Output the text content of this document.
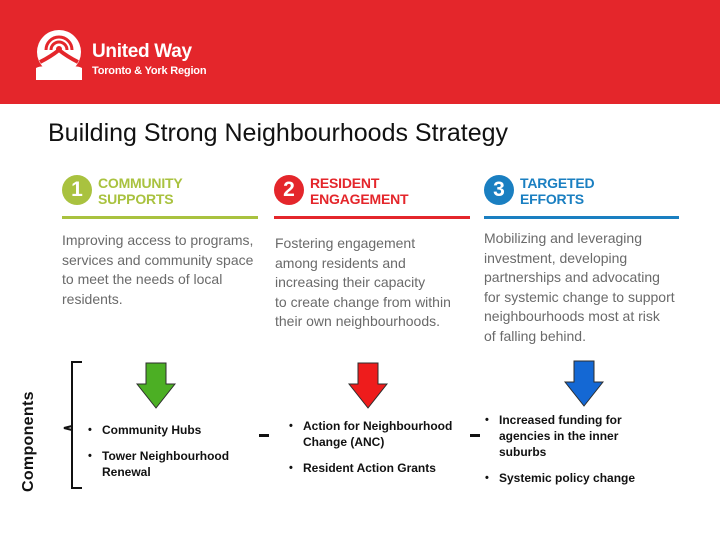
United Way
Toronto & York Region
Building Strong Neighbourhoods Strategy
1	COMMUNITY
SUPPORTS
Improving access to programs,
services and community space
to meet the needs of local
residents.
2	RESIDENT
ENGAGEMENT
Fostering engagement
among residents and
increasing their capacity
to create change from within
their own neighbourhoods.
3	TARGETED
EFFORTS
Mobilizing and leveraging
investment, developing
partnerships and advocating
for systemic change to support
neighbourhoods most at risk
of falling behind.
Components
•	Community Hubs
• Tower Neighbourhood Renewal
• Action for Neighbourhood Change (ANC)
• Resident Action Grants
• Increased funding for agencies in the inner suburbs
• Systemic policy change
